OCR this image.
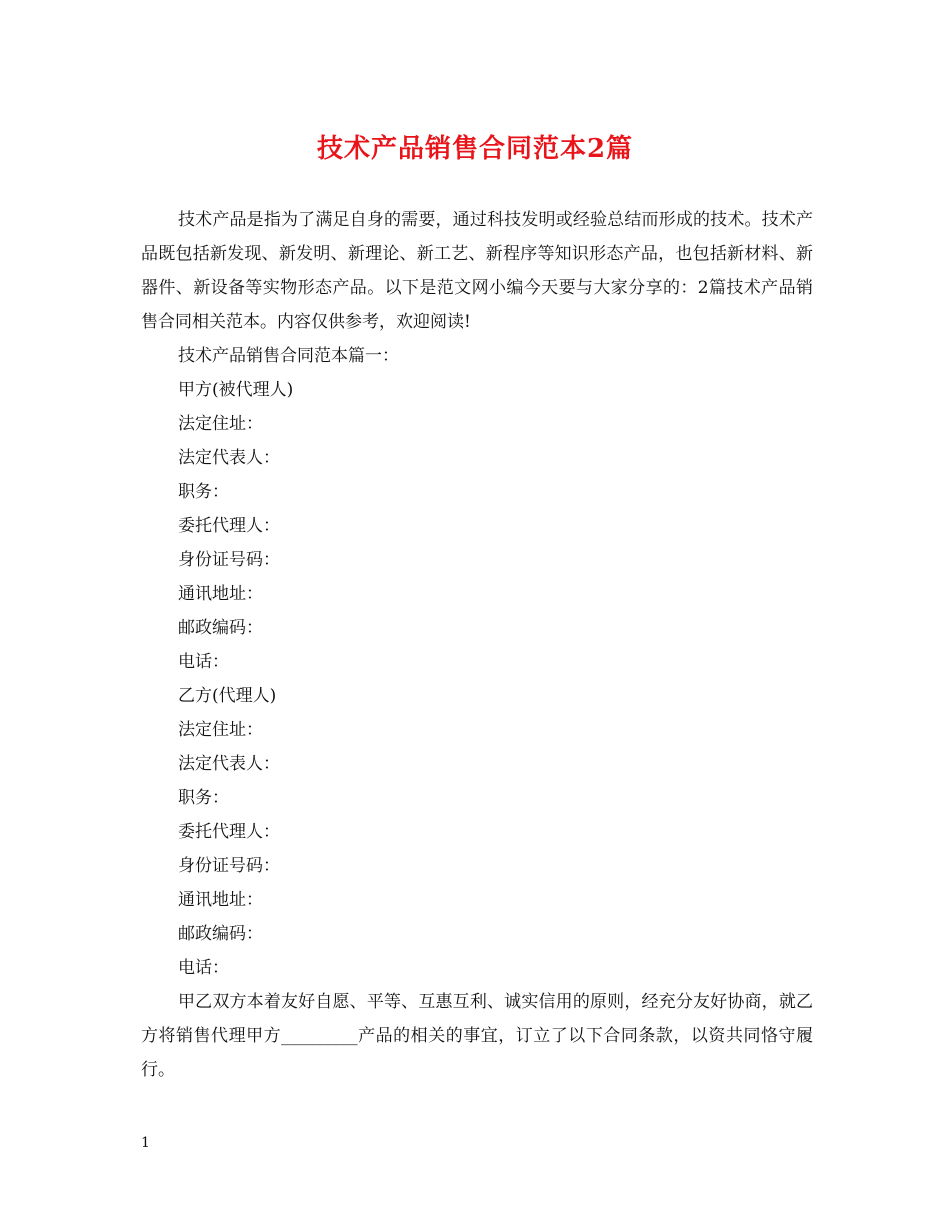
技术产品销售合同范本2篇

技术产品是指为了满足自身的需要，通过科技发明或经验总结而形成的技术。技术产品既包括新发现、新发明、新理论、新工艺、新程序等知识形态产品，也包括新材料、新器件、新设备等实物形态产品。以下是范文网小编今天要与大家分享的：2篇技术产品销售合同相关范本。内容仅供参考，欢迎阅读!

技术产品销售合同范本篇一：

甲方(被代理人)

法定住址：

法定代表人：

职务：

委托代理人：

身份证号码：

通讯地址：

邮政编码：

电话：

乙方(代理人)

法定住址：

法定代表人：

职务：

委托代理人：

身份证号码：

通讯地址：

邮政编码：

电话：

甲乙双方本着友好自愿、平等、互惠互利、诚实信用的原则，经充分友好协商，就乙方将销售代理甲方_________产品的相关的事宜，订立了以下合同条款，以资共同恪守履行。

1
